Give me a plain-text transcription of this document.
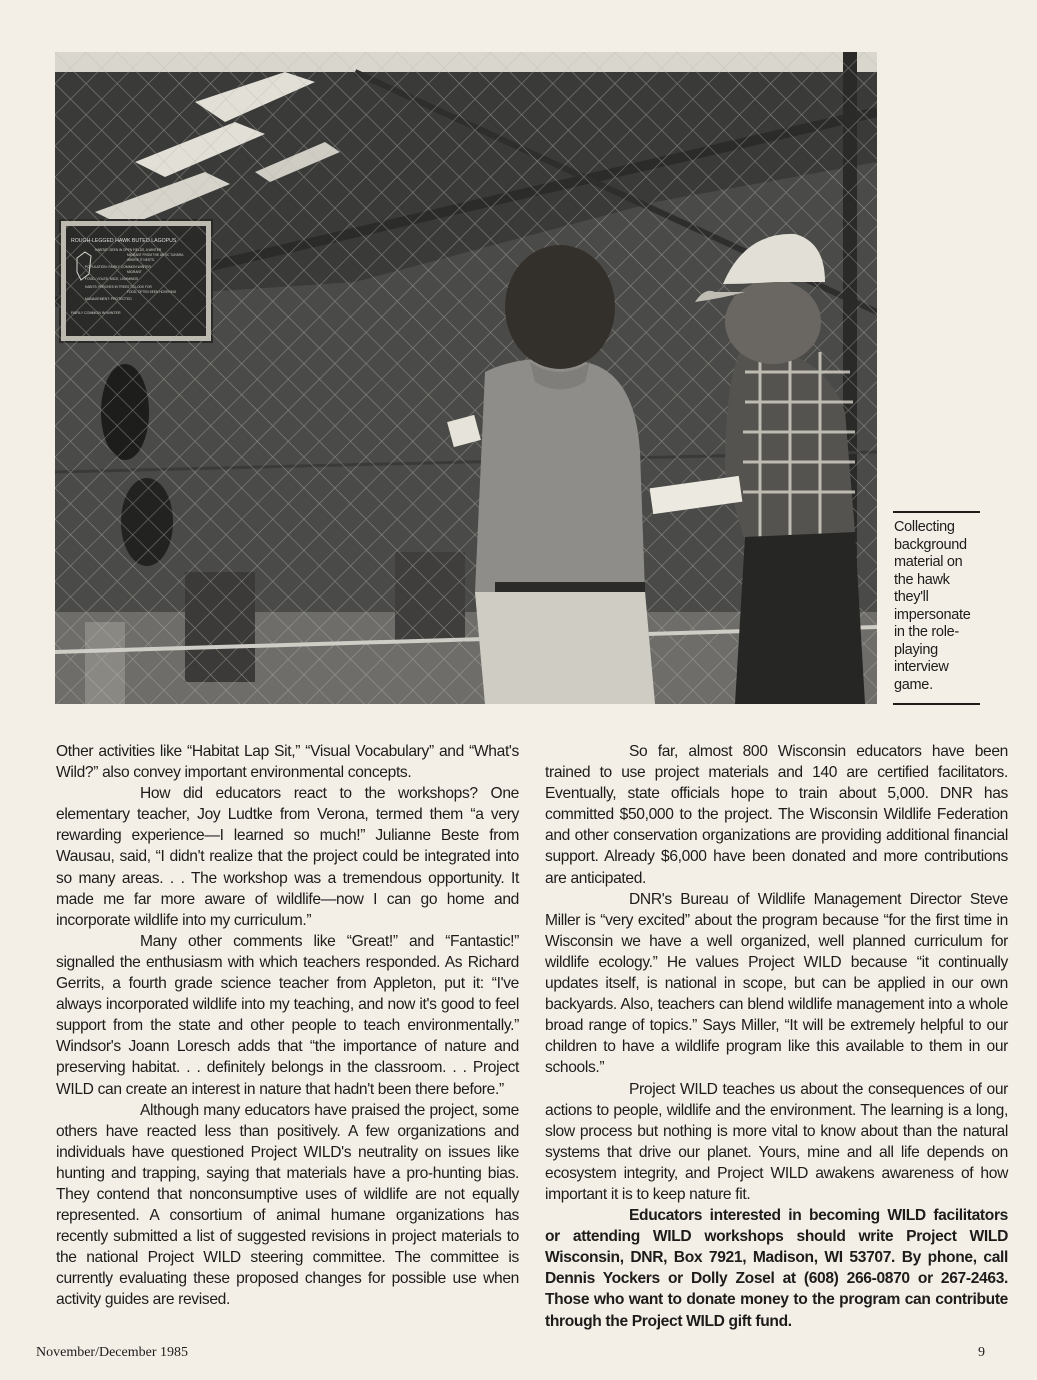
Collecting background material on the hawk they'll impersonate in the role-playing interview game.

Other activities like “Habitat Lap Sit,” “Visual Vocabulary” and “What's Wild?” also convey important environmental concepts.

How did educators react to the workshops? One elementary teacher, Joy Ludtke from Verona, termed them “a very rewarding experience—I learned so much!” Julianne Beste from Wausau, said, “I didn't realize that the project could be integrated into so many areas. . . The workshop was a tremendous opportunity. It made me far more aware of wildlife—now I can go home and incorporate wildlife into my curriculum.”

Many other comments like “Great!” and “Fantastic!” signalled the enthusiasm with which teachers responded. As Richard Gerrits, a fourth grade science teacher from Appleton, put it: “I've always incorporated wildlife into my teaching, and now it's good to feel support from the state and other people to teach environmentally.” Windsor's Joann Loresch adds that “the importance of nature and preserving habitat. . . definitely belongs in the classroom. . . Project WILD can create an interest in nature that hadn't been there before.”

Although many educators have praised the project, some others have reacted less than positively. A few organizations and individuals have questioned Project WILD's neutrality on issues like hunting and trapping, saying that materials have a pro-hunting bias. They contend that nonconsumptive uses of wildlife are not equally represented. A consortium of animal humane organizations has recently submitted a list of suggested revisions in project materials to the national Project WILD steering committee. The committee is currently evaluating these proposed changes for possible use when activity guides are revised.

So far, almost 800 Wisconsin educators have been trained to use project materials and 140 are certified facilitators. Eventually, state officials hope to train about 5,000. DNR has committed $50,000 to the project. The Wisconsin Wildlife Federation and other conservation organizations are providing additional financial support. Already $6,000 have been donated and more contributions are anticipated.

DNR's Bureau of Wildlife Management Director Steve Miller is “very excited” about the program because “for the first time in Wisconsin we have a well organized, well planned curriculum for wildlife ecology.” He values Project WILD because “it continually updates itself, is national in scope, but can be applied in our own backyards. Also, teachers can blend wildlife management into a whole broad range of topics.” Says Miller, “It will be extremely helpful to our children to have a wildlife program like this available to them in our schools.”

Project WILD teaches us about the consequences of our actions to people, wildlife and the environment. The learning is a long, slow process but nothing is more vital to know about than the natural systems that drive our planet. Yours, mine and all life depends on ecosystem integrity, and Project WILD awakens awareness of how important it is to keep nature fit.

Educators interested in becoming WILD facilitators or attending WILD workshops should write Project WILD Wisconsin, DNR, Box 7921, Madison, WI 53707. By phone, call Dennis Yockers or Dolly Zosel at (608) 266-0870 or 267-2463. Those who want to donate money to the program can contribute through the Project WILD gift fund.

November/December 1985	9
